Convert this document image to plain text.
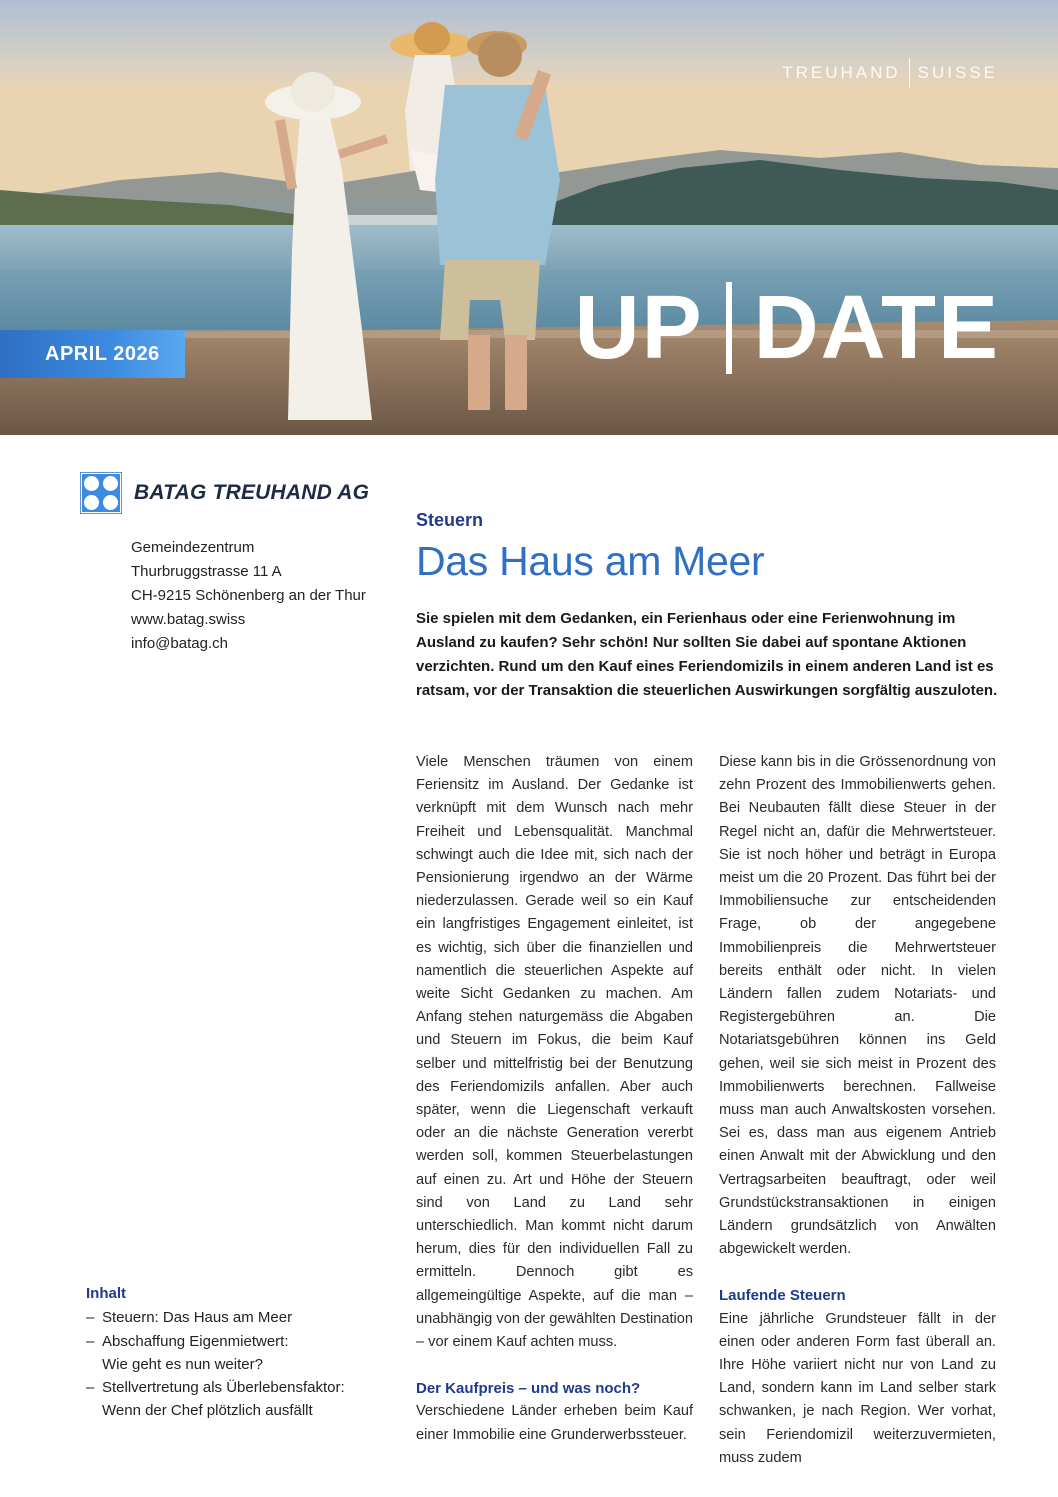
TREUHAND SUISSE
UP DATE
APRIL 2026
BATAG TREUHAND AG
Gemeindezentrum
Thurbruggstrasse 11 A
CH-9215 Schönenberg an der Thur
www.batag.swiss
info@batag.ch
Inhalt
– Steuern: Das Haus am Meer
– Abschaffung Eigenmietwert:
Wie geht es nun weiter?
– Stellvertretung als Überlebensfaktor:
Wenn der Chef plötzlich ausfällt
Steuern
Das Haus am Meer

Sie spielen mit dem Gedanken, ein Ferienhaus oder eine Ferienwohnung im Ausland zu kaufen? Sehr schön! Nur sollten Sie dabei auf spontane Aktionen verzichten. Rund um den Kauf eines Feriendomizils in einem anderen Land ist es ratsam, vor der Transaktion die steuerlichen Auswirkungen sorgfältig auszuloten.

Viele Menschen träumen von einem Feriensitz im Ausland. Der Gedanke ist verknüpft mit dem Wunsch nach mehr Freiheit und Lebensqualität. Manchmal schwingt auch die Idee mit, sich nach der Pensionierung irgendwo an der Wärme niederzulassen. Gerade weil so ein Kauf ein langfristiges Engagement einleitet, ist es wichtig, sich über die finanziellen und namentlich die steuerlichen Aspekte auf weite Sicht Gedanken zu machen. Am Anfang stehen naturgemäss die Abgaben und Steuern im Fokus, die beim Kauf selber und mittelfristig bei der Benutzung des Feriendomizils anfallen. Aber auch später, wenn die Liegenschaft verkauft oder an die nächste Generation vererbt werden soll, kommen Steuerbelastungen auf einen zu. Art und Höhe der Steuern sind von Land zu Land sehr unterschiedlich. Man kommt nicht darum herum, dies für den individuellen Fall zu ermitteln. Dennoch gibt es allgemeingültige Aspekte, auf die man – unabhängig von der gewählten Destination – vor einem Kauf achten muss.

Der Kaufpreis – und was noch?

Verschiedene Länder erheben beim Kauf einer Immobilie eine Grunderwerbssteuer.

Diese kann bis in die Grössenordnung von zehn Prozent des Immobilienwerts gehen. Bei Neubauten fällt diese Steuer in der Regel nicht an, dafür die Mehrwertsteuer. Sie ist noch höher und beträgt in Europa meist um die 20 Prozent. Das führt bei der Immobiliensuche zur entscheidenden Frage, ob der angegebene Immobilienpreis die Mehrwertsteuer bereits enthält oder nicht. In vielen Ländern fallen zudem Notariats- und Registergebühren an. Die Notariatsgebühren können ins Geld gehen, weil sie sich meist in Prozent des Immobilienwerts berechnen. Fallweise muss man auch Anwaltskosten vorsehen. Sei es, dass man aus eigenem Antrieb einen Anwalt mit der Abwicklung und den Vertragsarbeiten beauftragt, oder weil Grundstückstransaktionen in einigen Ländern grundsätzlich von Anwälten abgewickelt werden.

Laufende Steuern

Eine jährliche Grundsteuer fällt in der einen oder anderen Form fast überall an. Ihre Höhe variiert nicht nur von Land zu Land, sondern kann im Land selber stark schwanken, je nach Region. Wer vorhat, sein Feriendomizil weiterzuvermieten, muss zudem
